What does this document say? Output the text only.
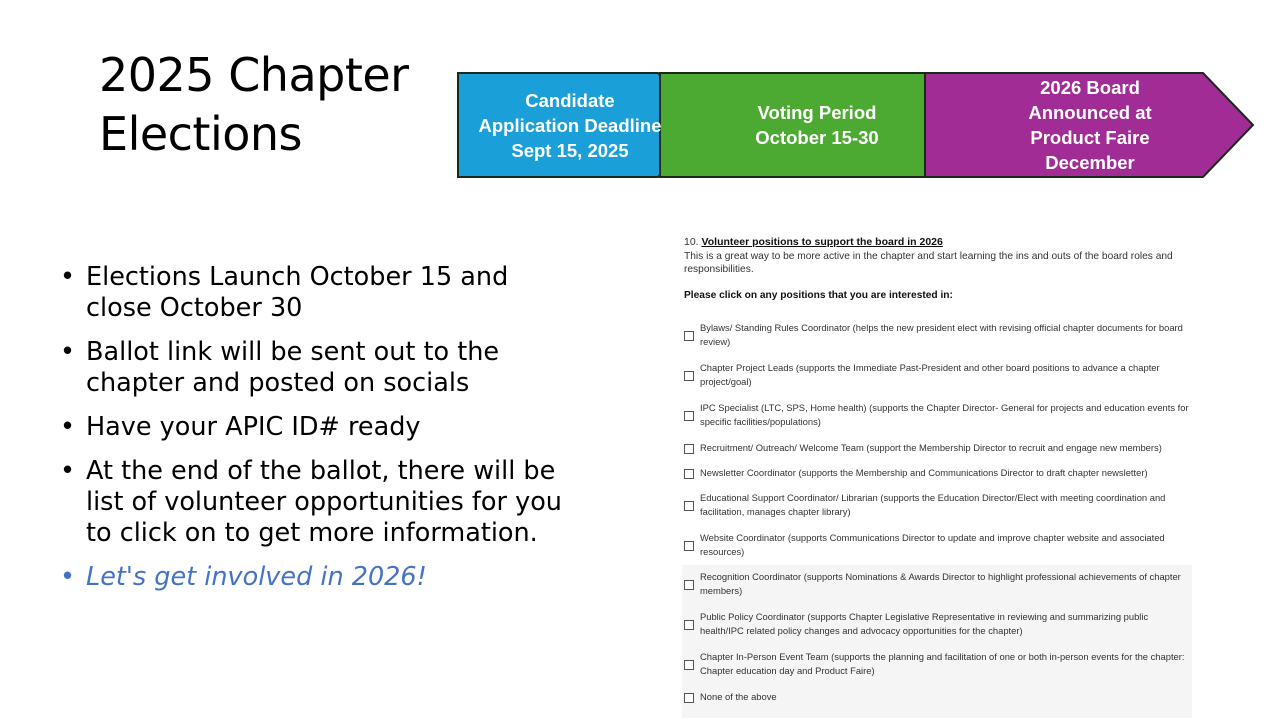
2025 Chapter
Elections
Candidate
Application Deadline
Sept 15, 2025
Voting Period
October 15-30
2026 Board
Announced at
Product Faire
December
• Elections Launch October 15 and
close October 30
• Ballot link will be sent out to the
chapter and posted on socials
• Have your APIC ID# ready
• At the end of the ballot, there will be
list of volunteer opportunities for you
to click on to get more information.
• Let's get involved in 2026!
10. Volunteer positions to support the board in 2026
This is a great way to be more active in the chapter and start learning the ins and outs of the board roles and
responsibilities.
Please click on any positions that you are interested in:
Bylaws/ Standing Rules Coordinator (helps the new president elect with revising official chapter documents for board
review)
Chapter Project Leads (supports the Immediate Past-President and other board positions to advance a chapter
project/goal)
IPC Specialist (LTC, SPS, Home health) (supports the Chapter Director- General for projects and education events for
specific facilities/populations)
Recruitment/ Outreach/ Welcome Team (support the Membership Director to recruit and engage new members)
Newsletter Coordinator (supports the Membership and Communications Director to draft chapter newsletter)
Educational Support Coordinator/ Librarian (supports the Education Director/Elect with meeting coordination and
facilitation, manages chapter library)
Website Coordinator (supports Communications Director to update and improve chapter website and associated
resources)
Recognition Coordinator (supports Nominations & Awards Director to highlight professional achievements of chapter
members)
Public Policy Coordinator (supports Chapter Legislative Representative in reviewing and summarizing public
health/IPC related policy changes and advocacy opportunities for the chapter)
Chapter In-Person Event Team (supports the planning and facilitation of one or both in-person events for the chapter:
Chapter education day and Product Faire)
None of the above
